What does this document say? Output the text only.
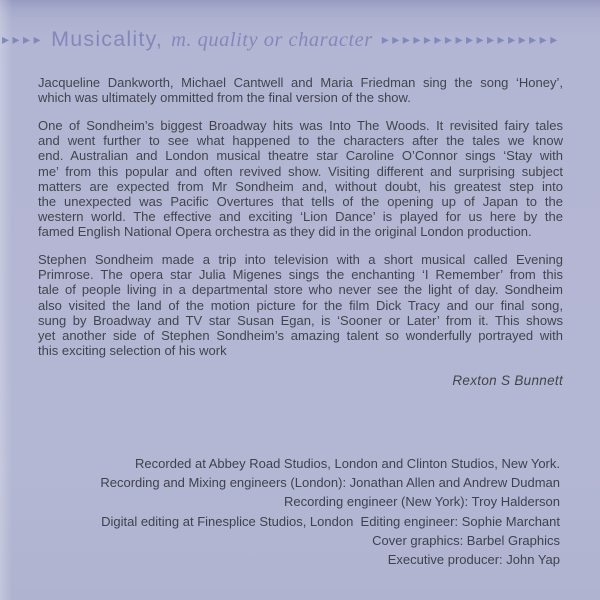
▸▸▸▸ Musicality, m. quality or character ▸▸▸▸▸▸▸▸▸▸▸▸▸▸▸▸▸
Jacqueline Dankworth, Michael Cantwell and Maria Friedman sing the song ‘Honey’,
which was ultimately ommitted from the final version of the show.
One of Sondheim’s biggest Broadway hits was Into The Woods. It revisited fairy tales
and went further to see what happened to the characters after the tales we know
end. Australian and London musical theatre star Caroline O’Connor sings ‘Stay with
me’ from this popular and often revived show. Visiting different and surprising subject
matters are expected from Mr Sondheim and, without doubt, his greatest step into
the unexpected was Pacific Overtures that tells of the opening up of Japan to the
western world. The effective and exciting ‘Lion Dance’ is played for us here by the
famed English National Opera orchestra as they did in the original London production.
Stephen Sondheim made a trip into television with a short musical called Evening
Primrose. The opera star Julia Migenes sings the enchanting ‘I Remember’ from this
tale of people living in a departmental store who never see the light of day. Sondheim
also visited the land of the motion picture for the film Dick Tracy and our final song,
sung by Broadway and TV star Susan Egan, is ‘Sooner or Later’ from it. This shows
yet another side of Stephen Sondheim’s amazing talent so wonderfully portrayed with
this exciting selection of his work
Rexton S Bunnett
Recorded at Abbey Road Studios, London and Clinton Studios, New York.
Recording and Mixing engineers (London): Jonathan Allen and Andrew Dudman
Recording engineer (New York): Troy Halderson
Digital editing at Finesplice Studios, London  Editing engineer: Sophie Marchant
Cover graphics: Barbel Graphics
Executive producer: John Yap
